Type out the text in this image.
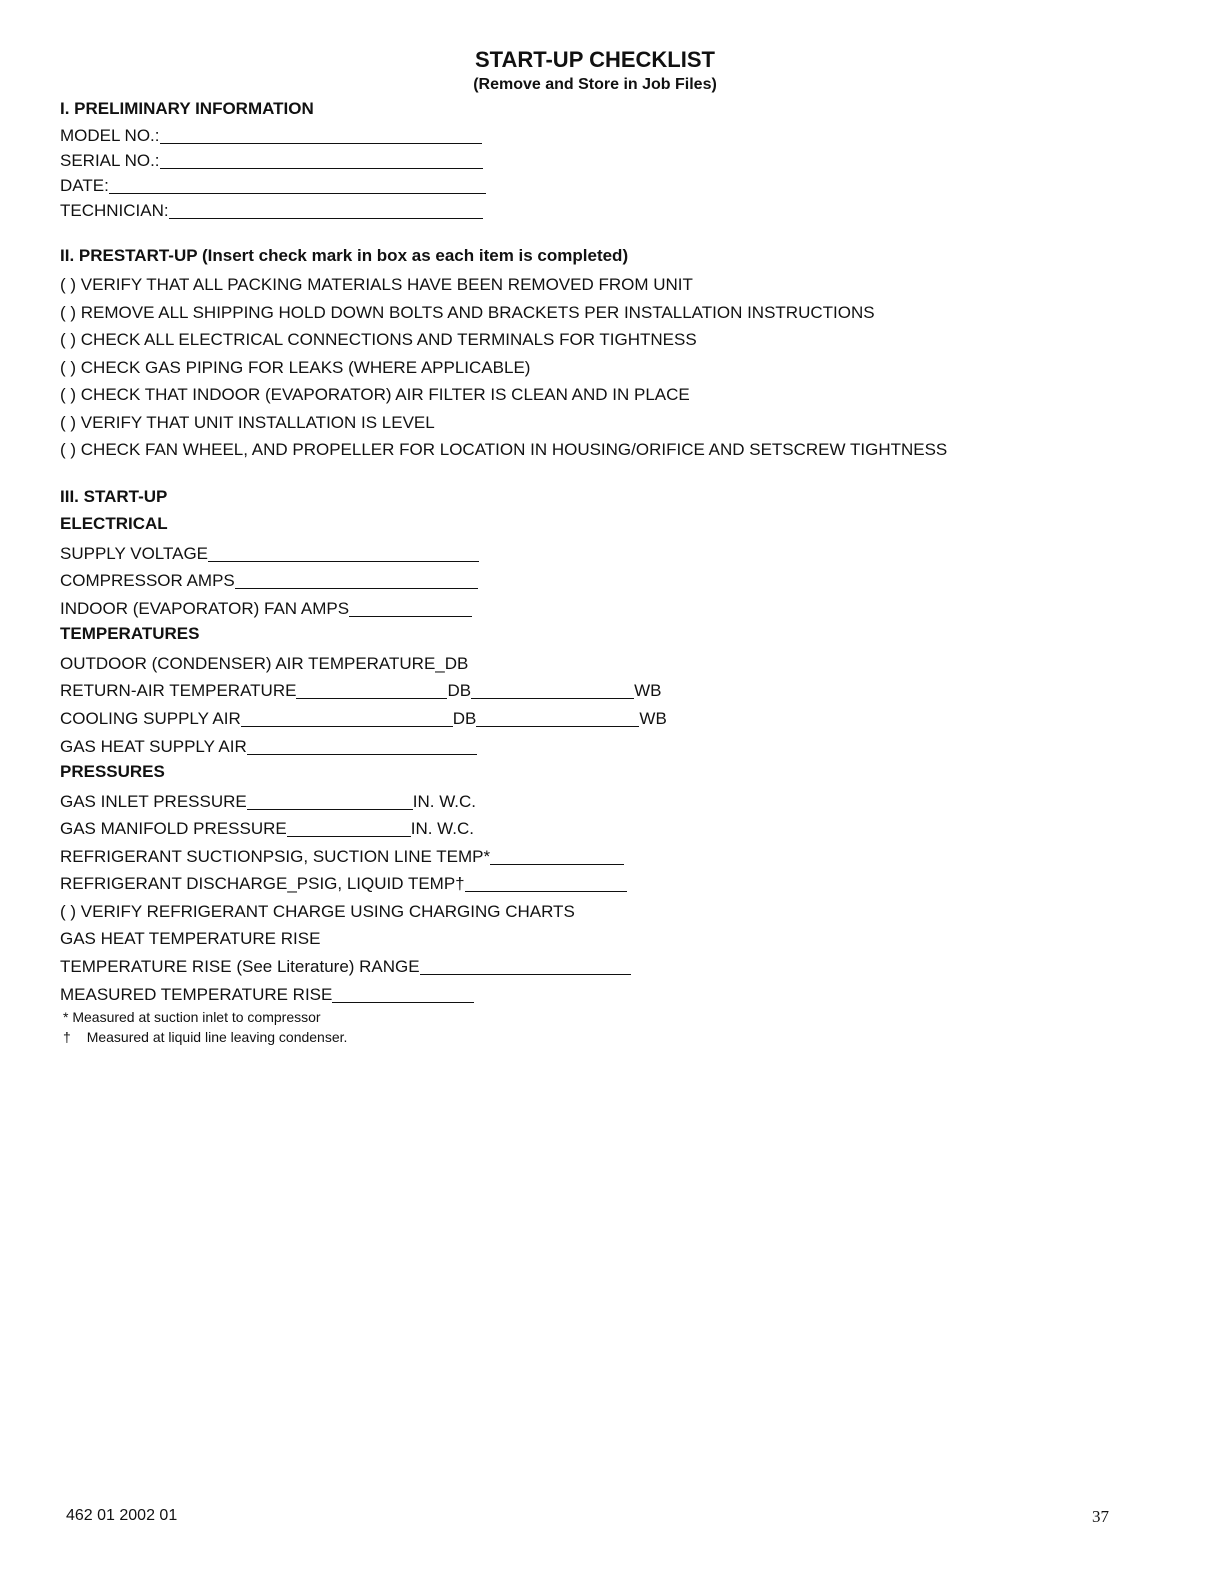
START-UP CHECKLIST
(Remove and Store in Job Files)
I. PRELIMINARY INFORMATION
MODEL NO.:
SERIAL NO.:
DATE:
TECHNICIAN:
II. PRESTART-UP (Insert check mark in box as each item is completed)
( ) VERIFY THAT ALL PACKING MATERIALS HAVE BEEN REMOVED FROM UNIT
( ) REMOVE ALL SHIPPING HOLD DOWN BOLTS AND BRACKETS PER INSTALLATION INSTRUCTIONS
( ) CHECK ALL ELECTRICAL CONNECTIONS AND TERMINALS FOR TIGHTNESS
( ) CHECK GAS PIPING FOR LEAKS (WHERE APPLICABLE)
( ) CHECK THAT INDOOR (EVAPORATOR) AIR FILTER IS CLEAN AND IN PLACE
( ) VERIFY THAT UNIT INSTALLATION IS LEVEL
( ) CHECK FAN WHEEL, AND PROPELLER FOR LOCATION IN HOUSING/ORIFICE AND SETSCREW TIGHTNESS
III. START-UP
ELECTRICAL
SUPPLY VOLTAGE
COMPRESSOR AMPS
INDOOR (EVAPORATOR) FAN AMPS
TEMPERATURES
OUTDOOR (CONDENSER) AIR TEMPERATURE_DB
RETURN-AIR TEMPERATURE	DB	WB
COOLING SUPPLY AIR	DB	WB
GAS HEAT SUPPLY AIR
PRESSURES
GAS INLET PRESSURE	IN. W.C.
GAS MANIFOLD PRESSURE	IN. W.C.
REFRIGERANT SUCTIONPSIG, SUCTION LINE TEMP*
REFRIGERANT DISCHARGE_PSIG, LIQUID TEMP†
( ) VERIFY REFRIGERANT CHARGE USING CHARGING CHARTS
GAS HEAT TEMPERATURE RISE
TEMPERATURE RISE (See Literature) RANGE
MEASURED TEMPERATURE RISE
* Measured at suction inlet to compressor
† Measured at liquid line leaving condenser.
462 01 2002 01	37
